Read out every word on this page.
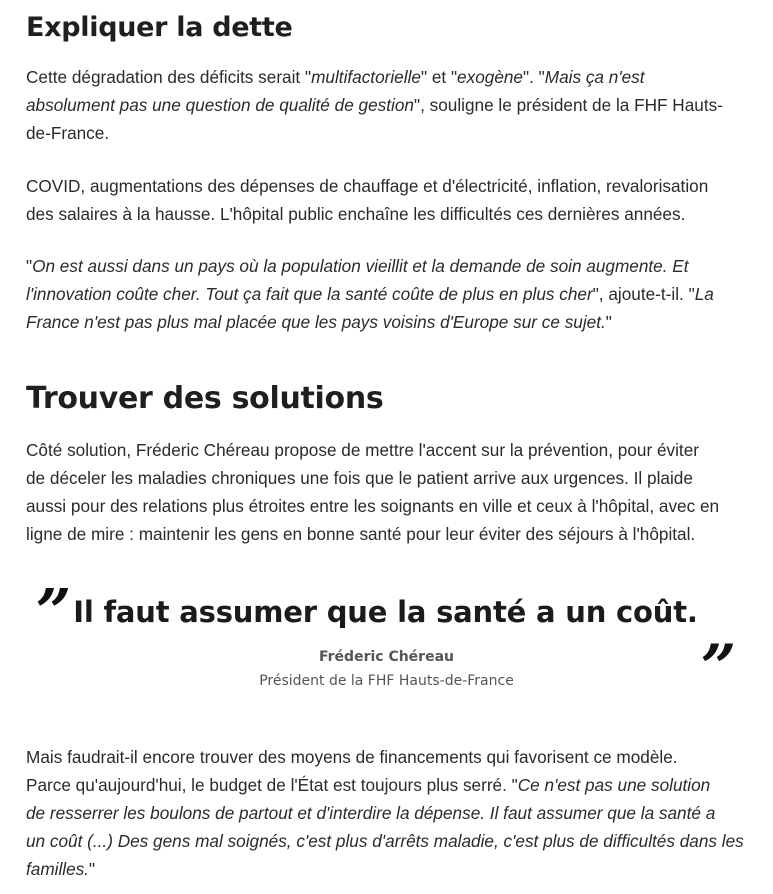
Expliquer la dette

Cette dégradation des déficits serait "multifactorielle" et "exogène". "Mais ça n'est
absolument pas une question de qualité de gestion", souligne le président de la FHF Hauts-
de-France.

COVID, augmentations des dépenses de chauffage et d'électricité, inflation, revalorisation
des salaires à la hausse. L'hôpital public enchaîne les difficultés ces dernières années.

"On est aussi dans un pays où la population vieillit et la demande de soin augmente. Et
l'innovation coûte cher. Tout ça fait que la santé coûte de plus en plus cher", ajoute-t-il. "La
France n'est pas plus mal placée que les pays voisins d'Europe sur ce sujet."

Trouver des solutions

Côté solution, Fréderic Chéreau propose de mettre l'accent sur la prévention, pour éviter
de déceler les maladies chroniques une fois que le patient arrive aux urgences. Il plaide
aussi pour des relations plus étroites entre les soignants en ville et ceux à l'hôpital, avec en
ligne de mire : maintenir les gens en bonne santé pour leur éviter des séjours à l'hôpital.

”Il faut assumer que la santé a un coût.„
Fréderic Chéreau
Président de la FHF Hauts-de-France

Mais faudrait-il encore trouver des moyens de financements qui favorisent ce modèle.
Parce qu'aujourd'hui, le budget de l'État est toujours plus serré. "Ce n'est pas une solution
de resserrer les boulons de partout et d'interdire la dépense. Il faut assumer que la santé a
un coût (...) Des gens mal soignés, c'est plus d'arrêts maladie, c'est plus de difficultés dans les
familles."
